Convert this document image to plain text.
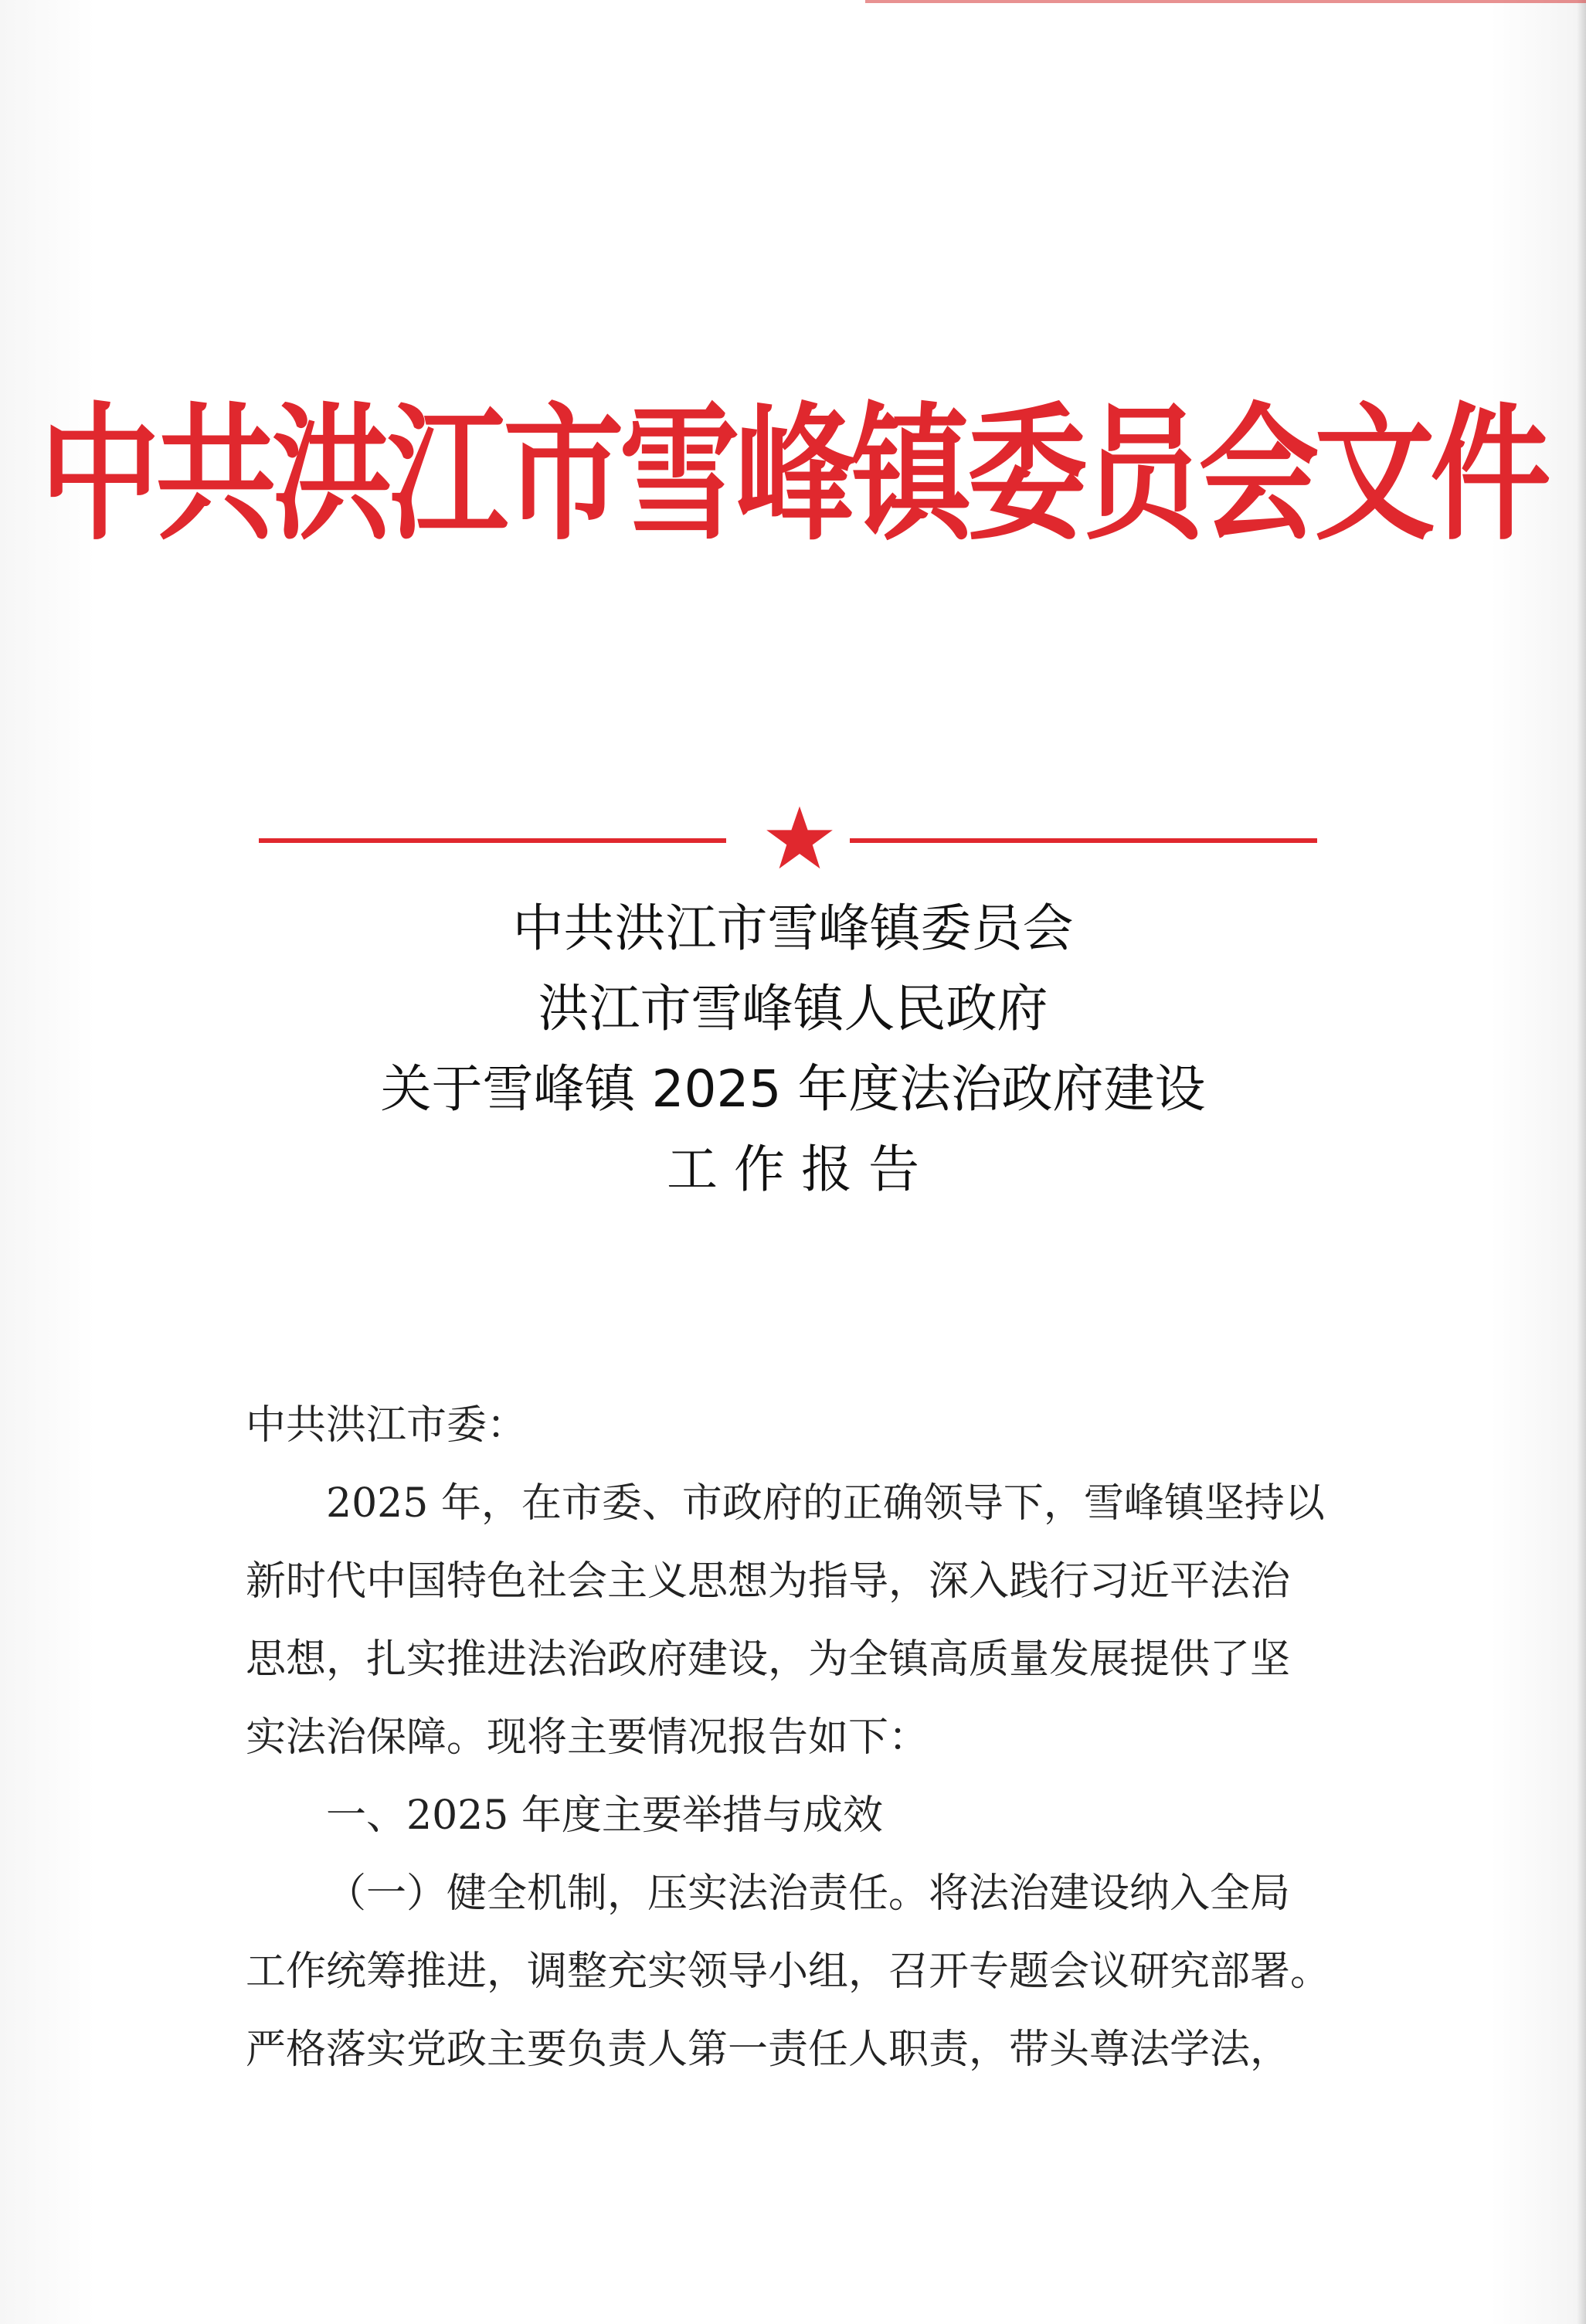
中共洪江市雪峰镇委员会文件
中共洪江市雪峰镇委员会
洪江市雪峰镇人民政府
关于雪峰镇 2025 年度法治政府建设
工 作 报 告

中共洪江市委：

2025 年，在市委、市政府的正确领导下，雪峰镇坚持以

新时代中国特色社会主义思想为指导，深入践行习近平法治

思想，扎实推进法治政府建设，为全镇高质量发展提供了坚

实法治保障。现将主要情况报告如下：

一、2025 年度主要举措与成效

（一）健全机制，压实法治责任。将法治建设纳入全局

工作统筹推进，调整充实领导小组，召开专题会议研究部署。

严格落实党政主要负责人第一责任人职责，带头尊法学法，
